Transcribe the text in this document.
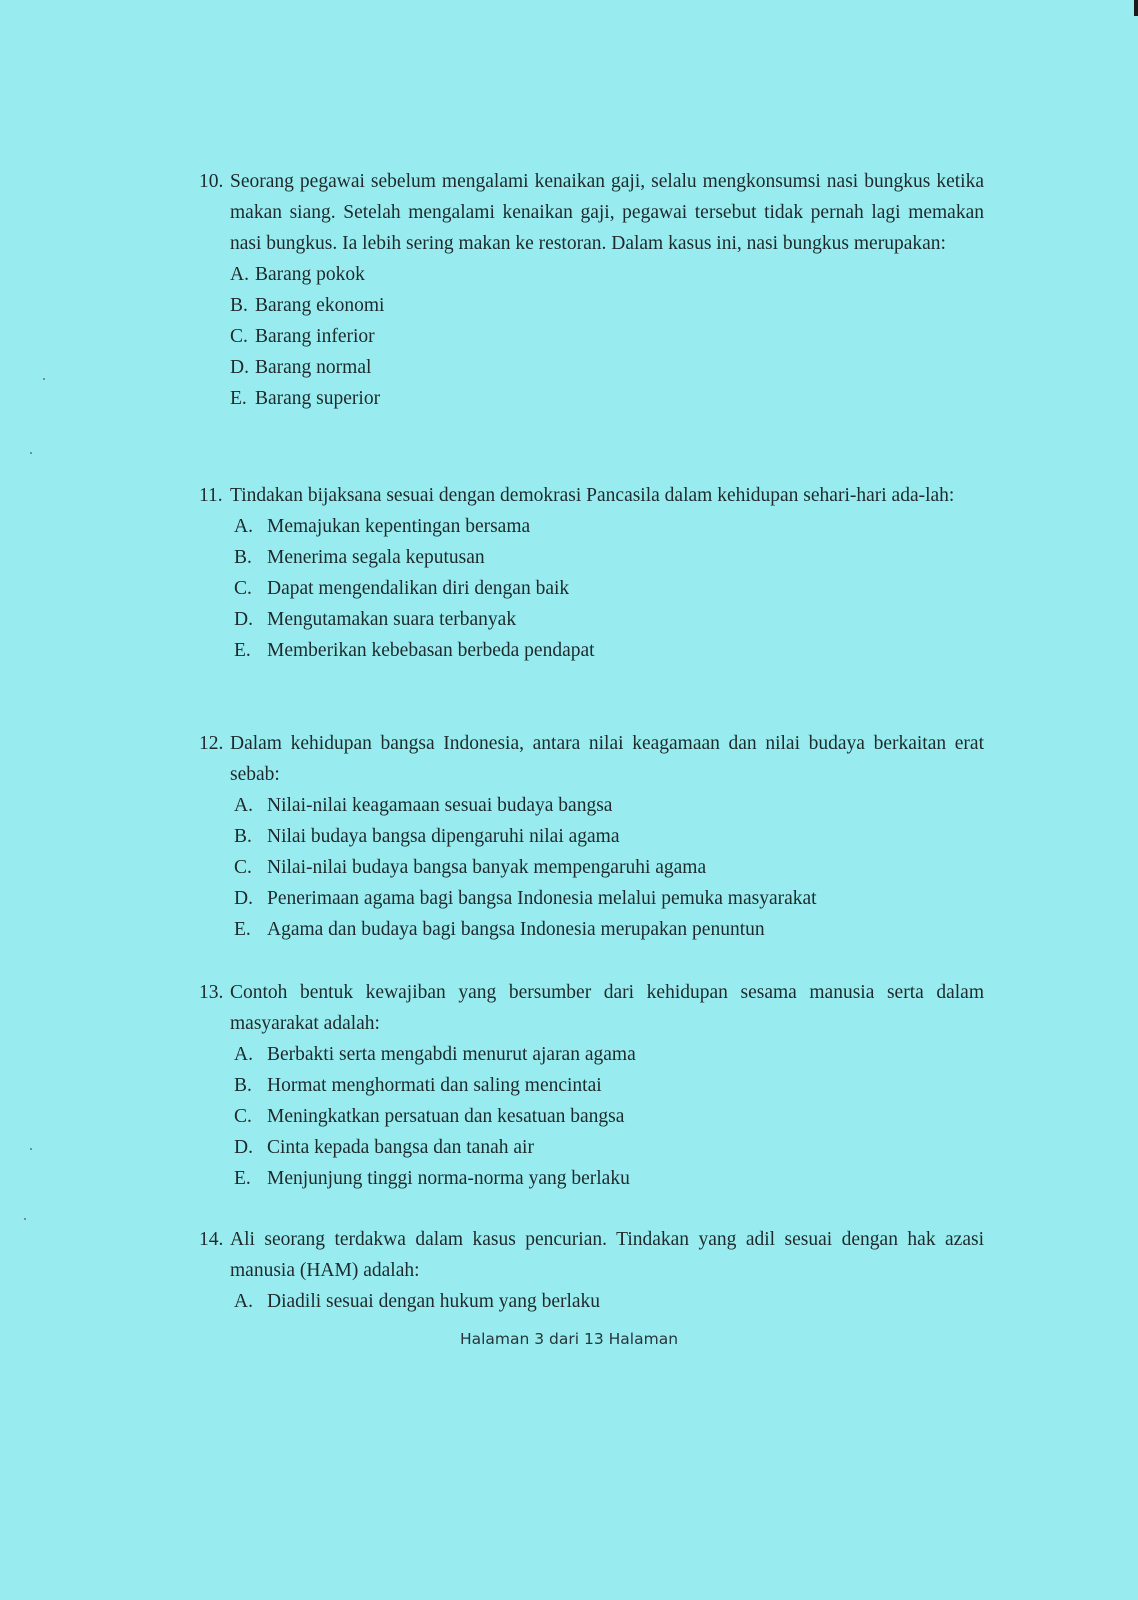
10. Seorang pegawai sebelum mengalami kenaikan gaji, selalu mengkonsumsi nasi bungkus ketika makan siang. Setelah mengalami kenaikan gaji, pegawai tersebut tidak pernah lagi memakan nasi bungkus. Ia lebih sering makan ke restoran. Dalam kasus ini, nasi bungkus merupakan:
A. Barang pokok
B. Barang ekonomi
C. Barang inferior
D. Barang normal
E. Barang superior
11. Tindakan bijaksana sesuai dengan demokrasi Pancasila dalam kehidupan sehari-hari ada-lah:
A. Memajukan kepentingan bersama
B. Menerima segala keputusan
C. Dapat mengendalikan diri dengan baik
D. Mengutamakan suara terbanyak
E. Memberikan kebebasan berbeda pendapat
12. Dalam kehidupan bangsa Indonesia, antara nilai keagamaan dan nilai budaya berkaitan erat sebab:
A. Nilai-nilai keagamaan sesuai budaya bangsa
B. Nilai budaya bangsa dipengaruhi nilai agama
C. Nilai-nilai budaya bangsa banyak mempengaruhi agama
D. Penerimaan agama bagi bangsa Indonesia melalui pemuka masyarakat
E. Agama dan budaya bagi bangsa Indonesia merupakan penuntun
13. Contoh bentuk kewajiban yang bersumber dari kehidupan sesama manusia serta dalam masyarakat adalah:
A. Berbakti serta mengabdi menurut ajaran agama
B. Hormat menghormati dan saling mencintai
C. Meningkatkan persatuan dan kesatuan bangsa
D. Cinta kepada bangsa dan tanah air
E. Menjunjung tinggi norma-norma yang berlaku
14. Ali seorang terdakwa dalam kasus pencurian. Tindakan yang adil sesuai dengan hak azasi manusia (HAM) adalah:
A. Diadili sesuai dengan hukum yang berlaku
Halaman 3 dari 13 Halaman
